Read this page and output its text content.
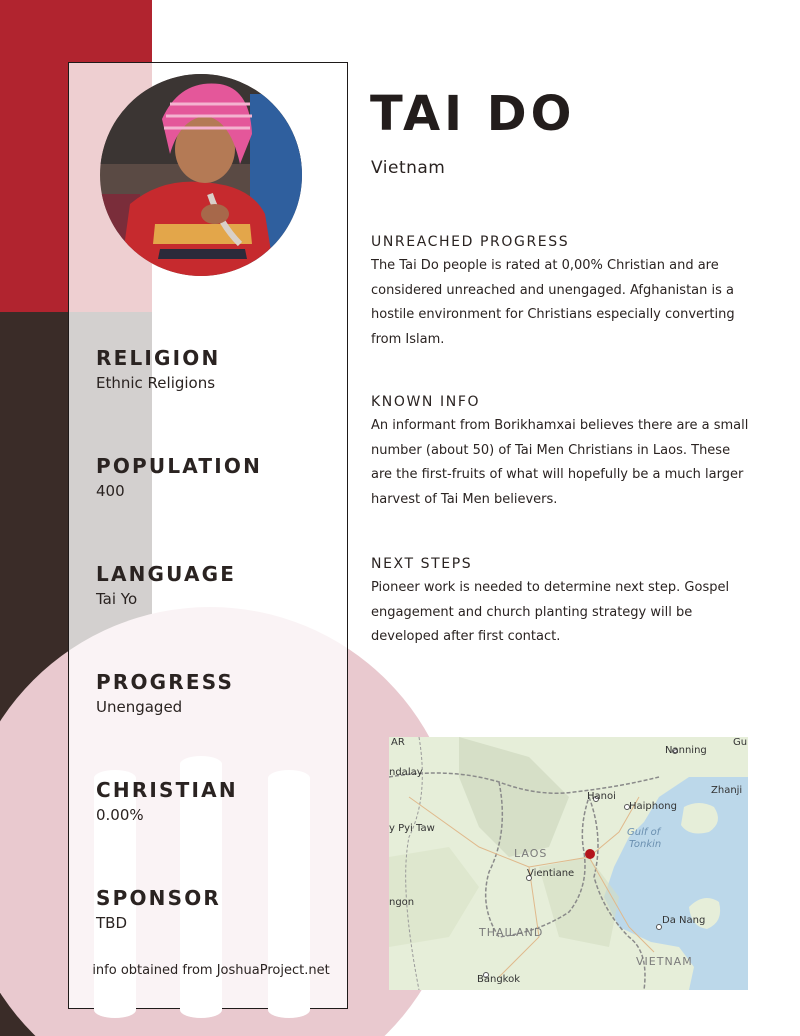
RELIGION
Ethnic Religions
POPULATION
400
LANGUAGE
Tai Yo
PROGRESS
Unengaged
CHRISTIAN
0.00%
SPONSOR
TBD
info obtained from JoshuaProject.net
TAI DO
Vietnam
UNREACHED PROGRESS
The Tai Do people is rated at 0,00% Christian and are considered unreached and unengaged. Afghanistan is a hostile environment for Christians especially converting from Islam.
KNOWN INFO
An informant from Borikhamxai believes there are a small number (about 50) of Tai Men Christians in Laos. These are the first-fruits of what will hopefully be a much larger harvest of Tai Men believers.
NEXT STEPS
Pioneer work is needed to determine next step. Gospel engagement and church planting strategy will be developed after first contact.
AR
ndalay
Nanning
Gu
Hanoi
Haiphong
Zhanji
y Pyi Taw	Gulf of
Tonkin
LAOS
Vientiane
ngon
Da Nang
THAILAND
VIETNAM
Bangkok
